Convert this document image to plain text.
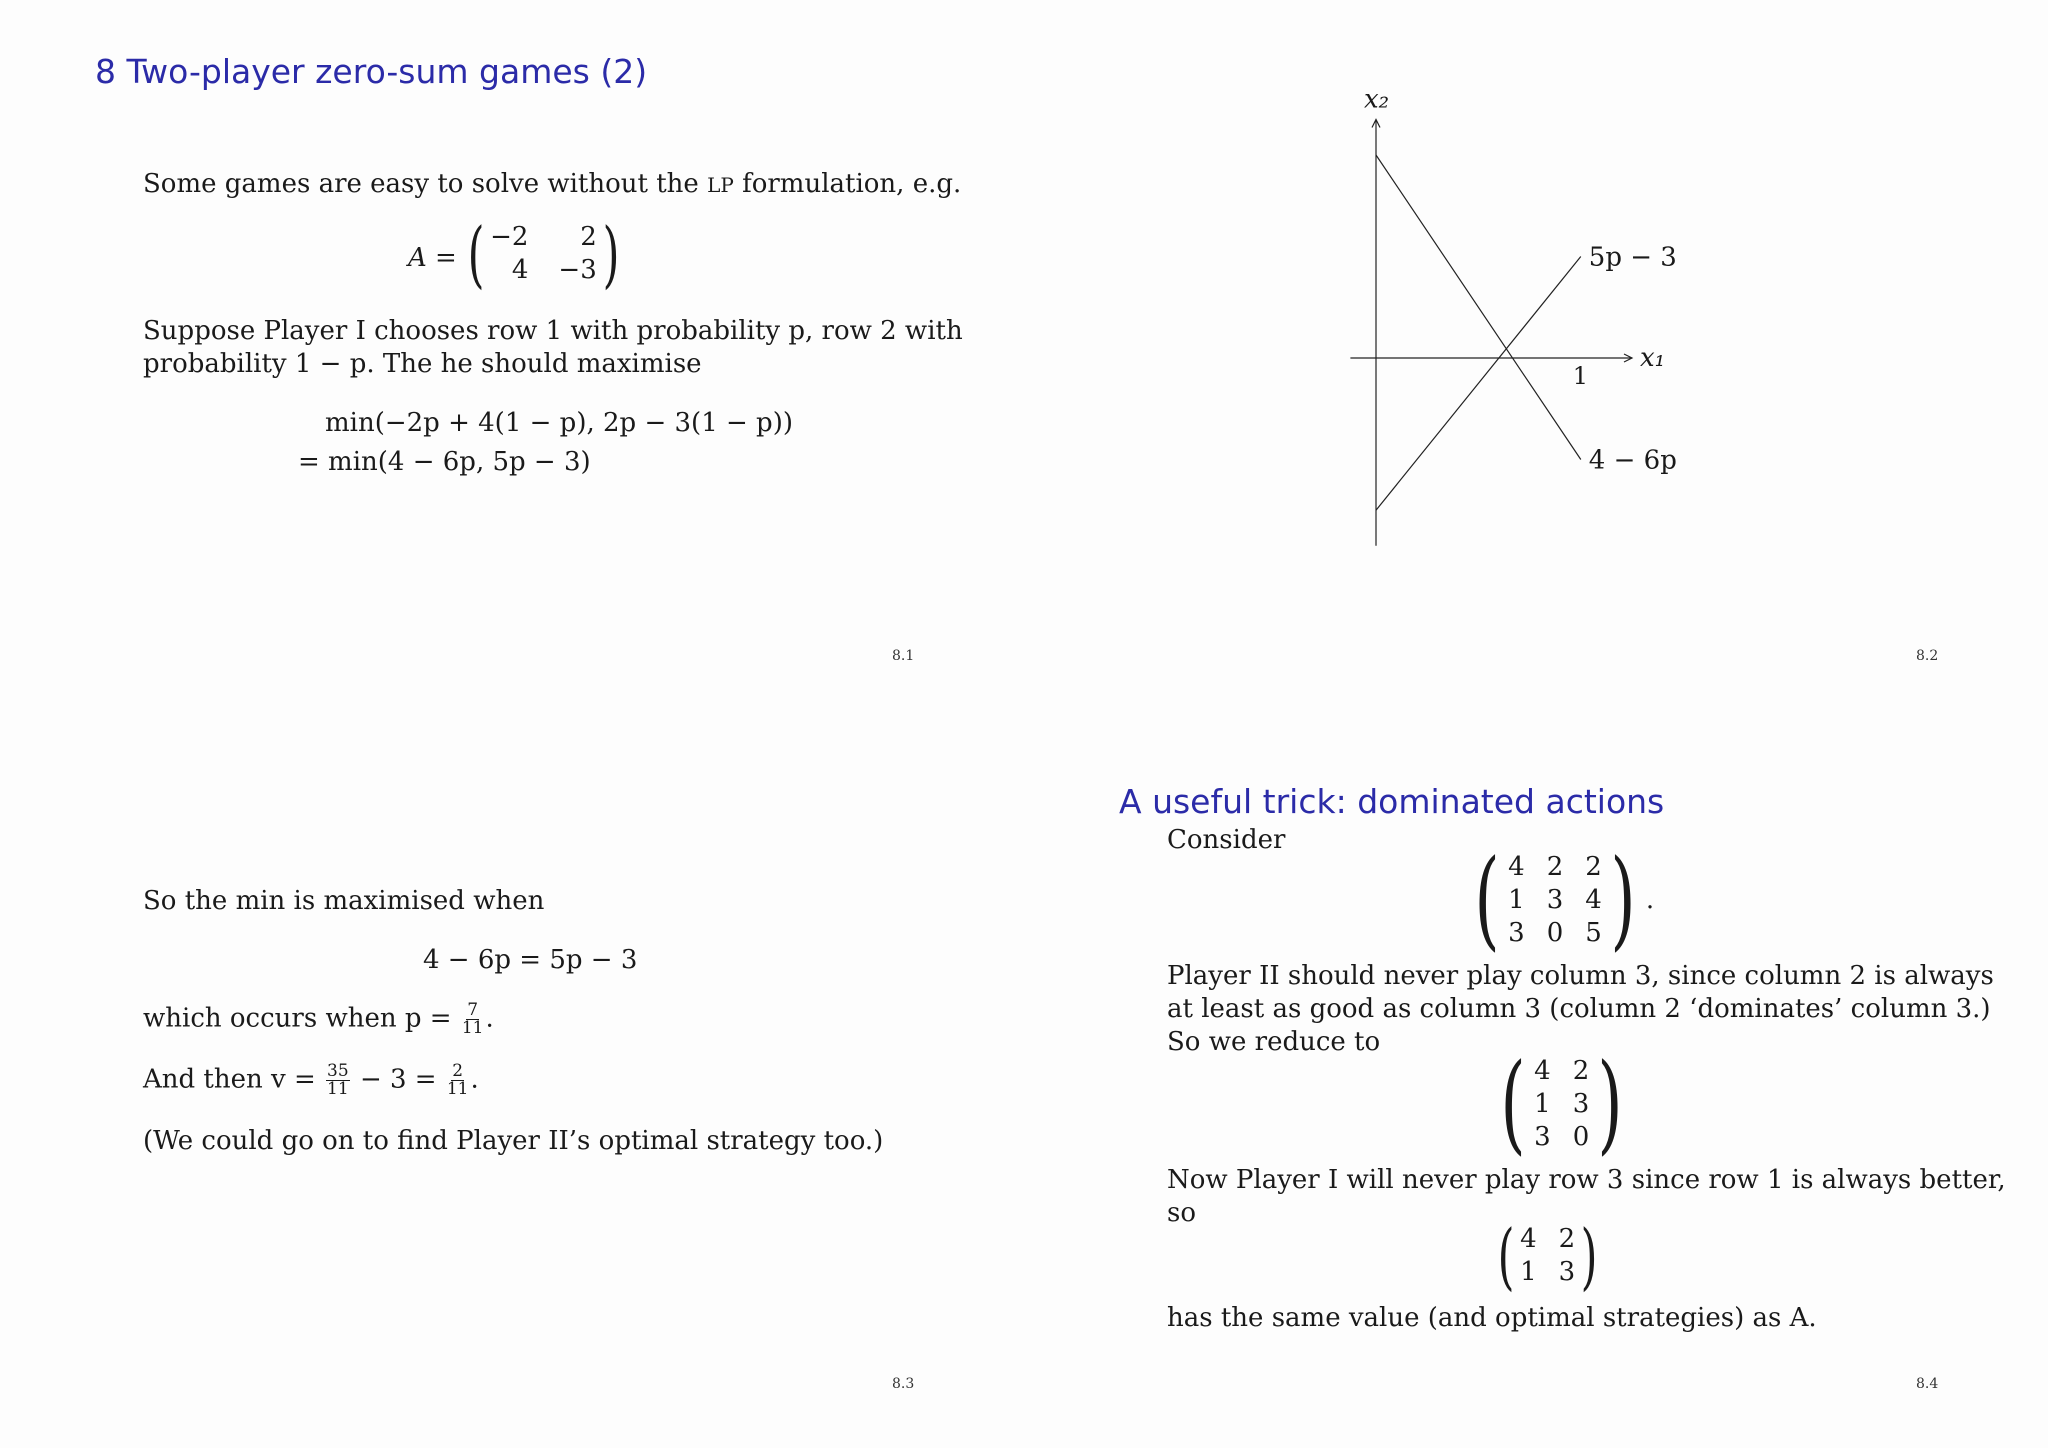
8 Two-player zero-sum games (2)
Some games are easy to solve without the LP formulation, e.g.
A = ( −2	2
4 −3 )
Suppose Player I chooses row 1 with probability p, row 2 with
probability 1 − p. The he should maximise
min(−2p + 4(1 − p), 2p − 3(1 − p))
= min(4 − 6p, 5p − 3)
8.1
x₁
x₂
1
5p − 3
4 − 6p
8.2
So the min is maximised when
4 − 6p = 5p − 3
which occurs when $p = \frac{7}{11}$ .
And then $v = \frac{35}{11} - 3 = \frac{2}{11}$ .
(We could go on to find Player II’s optimal strategy too.)
8.3
A useful trick: dominated actions
Consider ( 4 2 2
1 3 4
3 0 5 ) .
Player II should never play column 3, since column 2 is always
at least as good as column 3 (column 2 ‘dominates’ column 3.)
So we reduce to ( 4 2
1 3
3 0 )
Now Player I will never play row 3 since row 1 is always better,
so
( 4 2
1 3 )
has the same value (and optimal strategies) as A.
8.4
